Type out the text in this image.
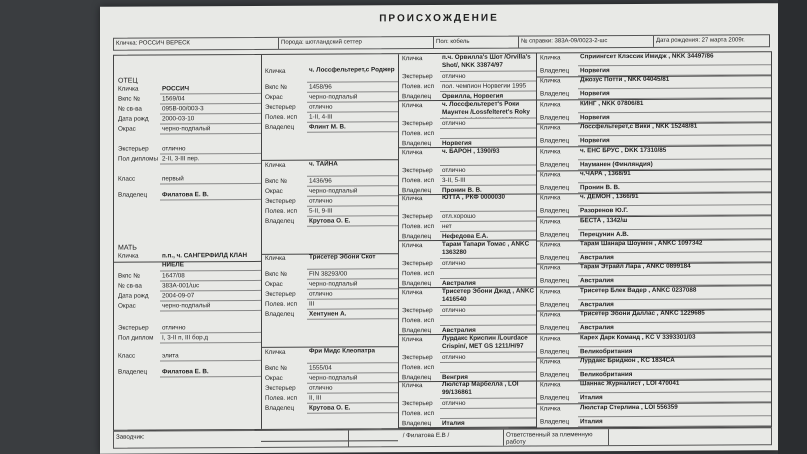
ПРОИСХОЖДЕНИЕ
Кличка: РОССИЧ ВЕРЕСК	Порода: шотландский сеттер	Пол: кобель	№ справки: 383А-09/0023-2-шс	Дата рождения: 27 марта 2009г.
ОТЕЦ
Кличка	РОССИЧ
Вкпс №	1569/04
№ св-ва	095В-00/003-3
Дата рожд	2000-03-10
Окрас	черно-подпалый
Экстерьер	отлично
Пол дипломы 2-II, 3-III пер.
Класс	первый
Владелец	Филатова Е. В.
МАТЬ
Кличка	п.п., ч. САНГЕРФИЛД КЛАН НИЕЛЕ
Вкпс №	1647/08
№ св-ва	383А-001/шс
Дата рожд	2004-09-07
Окрас	черно-подпалый
Экстерьер	отлично
Пол диплом	I, 3-II п, III бор.д
Класс	элита
Владелец	Филатова Е. В.
Кличка	ч. Лоссфельтерет,с Роджер
Вкпс №	1458/96
Окрас	черно-подпалый
Экстерьер	отлично
Полев. исп	1-II, 4-III
Владелец	Флинт М. В.
Кличка	ч. ТАЙНА
Вкпс №	1436/96
Окрас	черно-подпалый
Экстерьер	отлично
Полев. исп	5-II, 9-III
Владелец	Крутова О. Е.
Кличка	Трисетер Эбони Скот
Вкпс №	FIN 38293/00
Окрас	черно-подпалый
Экстерьер	отлично
Полев. исп	III
Владелец	Хентунен А.
Кличка	Фри Мидс Клеопатра
Вкпс №	1555/04
Окрас	черно-подпалый
Экстерьер	отлично
Полев. исп	II, III
Владелец	Крутова О. Е.
Кличка	п.ч. Орвилла's Шот /Orvilla's Shot/, NKK 33874/97
Экстерьер	отлично
Полев. исп	пол. чемпион Норвегии 1995
Владелец	Орвилла, Норвегия
Кличка	ч. Лоссфельтерет's Роки Маунтен /Lossfelteret's Roky
Экстерьер	отлично
Полев. исп
Владелец	Норвегия
Кличка	ч. БАРОН , 1390/93
Экстерьер	отлично
Полев. исп	3-II, 5-III
Владелец	Пронин В. В.
Кличка	ЮТТА , РКФ 0000030
Экстерьер	отл.хорошо
Полев. исп	нет
Владелец	Нефедова Е.А.
Кличка	Тарам Тапари Томас , ANKC 1363280
Экстерьер	отлично
Полев. исп
Владелец	Австралия
Кличка	Трисетер Эбони Джад , ANKC 1416540
Экстерьер	отлично
Полев. исп
Владелец	Австралия
Кличка	Лурдакс Криспин /Lourdace Crispin/, MET GS 1211/Н/97
Экстерьер	отлично
Полев. исп
Владелец	Венгрия
Кличка	Люлстар Марбелла , LOI 99/136861
Экстерьер	отлично
Полев. исп
Владелец	Италия
Кличка	Сприингсет Клэссик Имидж , NKK 34497/86
Владелец	Норвегия
Кличка	Джозус Потти , NKK 04045/81
Владелец	Норвегия
Кличка	КИНГ , NKK 07806/81
Владелец	Норвегия
Кличка	Лоссфельтерет,с Вики , NKK 15248/81
Владелец	Норвегия
Кличка	ч. ЕНС БРУС , DKK 17310/85
Владелец	Науманен (Финляндия)
Кличка	ч.ЧАРА , 1368/91
Владелец	Пронин В. В.
Кличка	ч. ДЕМОН , 1366/91
Владелец	Разоренов Ю.Г.
Кличка	БЕСТА , 1342/ш
Владелец	Перецунин А.В.
Кличка	Тарам Шанара Шоумен , ANKC 1097342
Владелец	Австралия
Кличка	Тарам Этрайл Лара , ANKC 0899184
Владелец	Австралия
Кличка	Трисетер Блек Вадер , ANKC 0237088
Владелец	Австралия
Кличка	Трисетер Эбони Даллас , ANKC 1229685
Владелец	Австралия
Кличка	Карех Дарк Команд , KC V 3393301/03
Владелец	Великобритания
Кличка	Лурдакс Бриджон , KC 1834CA
Владелец	Великобритания
Кличка	Шаннас Журналист , LOI 470041
Владелец	Италия
Кличка	Люлстар Стерлина , LOI 556359
Владелец	Италия
Заводчик:	/ Филатова Е.В /	Ответственный за племенную работу
